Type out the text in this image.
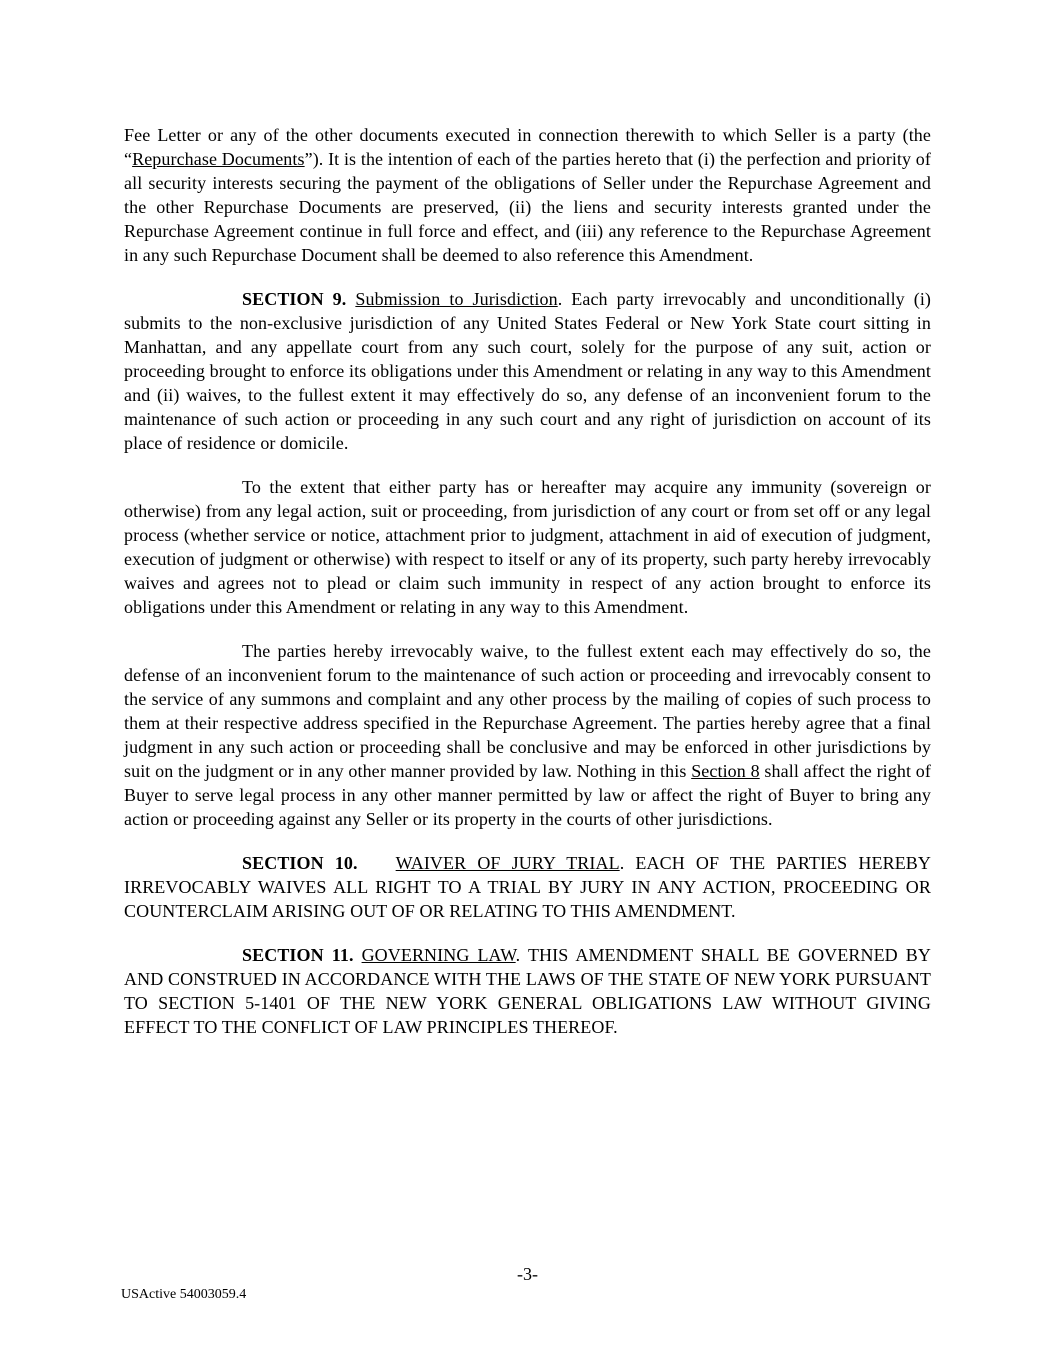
Fee Letter or any of the other documents executed in connection therewith to which Seller is a party (the “Repurchase Documents”). It is the intention of each of the parties hereto that (i) the perfection and priority of all security interests securing the payment of the obligations of Seller under the Repurchase Agreement and the other Repurchase Documents are preserved, (ii) the liens and security interests granted under the Repurchase Agreement continue in full force and effect, and (iii) any reference to the Repurchase Agreement in any such Repurchase Document shall be deemed to also reference this Amendment.

SECTION 9. Submission to Jurisdiction. Each party irrevocably and unconditionally (i) submits to the non-exclusive jurisdiction of any United States Federal or New York State court sitting in Manhattan, and any appellate court from any such court, solely for the purpose of any suit, action or proceeding brought to enforce its obligations under this Amendment or relating in any way to this Amendment and (ii) waives, to the fullest extent it may effectively do so, any defense of an inconvenient forum to the maintenance of such action or proceeding in any such court and any right of jurisdiction on account of its place of residence or domicile.

To the extent that either party has or hereafter may acquire any immunity (sovereign or otherwise) from any legal action, suit or proceeding, from jurisdiction of any court or from set off or any legal process (whether service or notice, attachment prior to judgment, attachment in aid of execution of judgment, execution of judgment or otherwise) with respect to itself or any of its property, such party hereby irrevocably waives and agrees not to plead or claim such immunity in respect of any action brought to enforce its obligations under this Amendment or relating in any way to this Amendment.

The parties hereby irrevocably waive, to the fullest extent each may effectively do so, the defense of an inconvenient forum to the maintenance of such action or proceeding and irrevocably consent to the service of any summons and complaint and any other process by the mailing of copies of such process to them at their respective address specified in the Repurchase Agreement. The parties hereby agree that a final judgment in any such action or proceeding shall be conclusive and may be enforced in other jurisdictions by suit on the judgment or in any other manner provided by law. Nothing in this Section 8 shall affect the right of Buyer to serve legal process in any other manner permitted by law or affect the right of Buyer to bring any action or proceeding against any Seller or its property in the courts of other jurisdictions.

SECTION 10. WAIVER OF JURY TRIAL. EACH OF THE PARTIES HEREBY IRREVOCABLY WAIVES ALL RIGHT TO A TRIAL BY JURY IN ANY ACTION, PROCEEDING OR COUNTERCLAIM ARISING OUT OF OR RELATING TO THIS AMENDMENT.

SECTION 11. GOVERNING LAW. THIS AMENDMENT SHALL BE GOVERNED BY AND CONSTRUED IN ACCORDANCE WITH THE LAWS OF THE STATE OF NEW YORK PURSUANT TO SECTION 5-1401 OF THE NEW YORK GENERAL OBLIGATIONS LAW WITHOUT GIVING EFFECT TO THE CONFLICT OF LAW PRINCIPLES THEREOF.

-3-
USActive 54003059.4
